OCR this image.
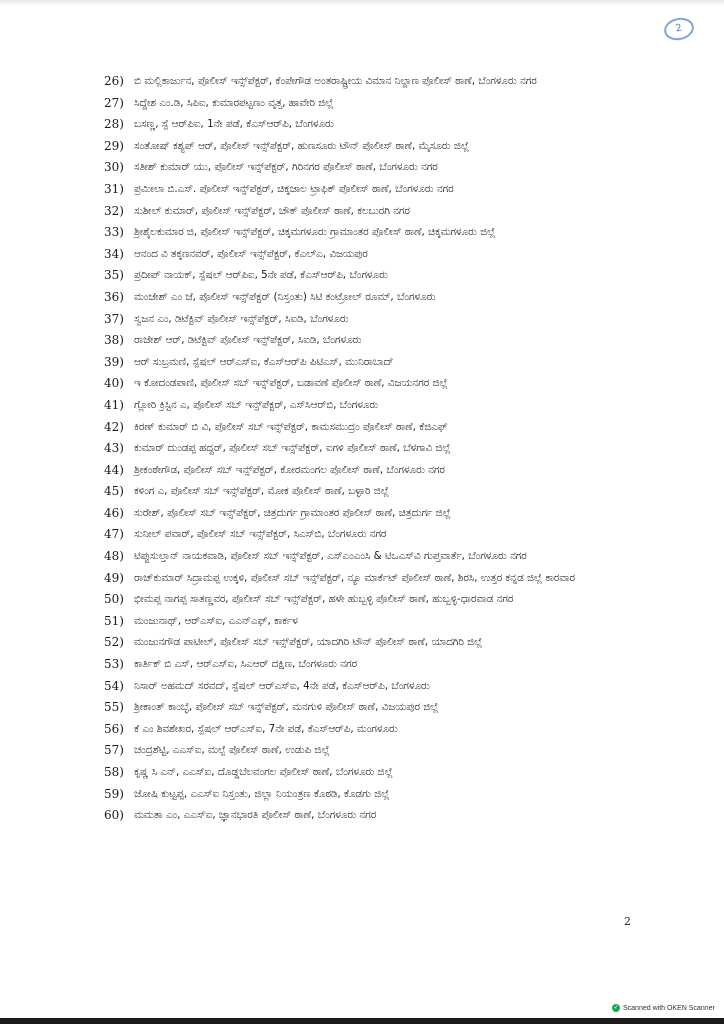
2
26) ಬಿ ಮಲ್ಲಿಕಾರ್ಜುನ, ಪೊಲೀಸ್ ಇನ್ಸ್‌ಪೆಕ್ಟರ್, ಕೆಂಪೇಗೌಡ ಅಂತರಾಷ್ಟ್ರೀಯ ವಿಮಾನ ನಿಲ್ದಾಣ ಪೊಲೀಸ್ ಠಾಣೆ, ಬೆಂಗಳೂರು ನಗರ
27) ಸಿದ್ದೇಶ ಎಂ.ಡಿ, ಸಿಪಿಐ, ಕುಮಾರಪಟ್ಟಣಂ ವೃತ್ತ, ಹಾವೇರಿ ಜಿಲ್ಲೆ
28) ಬಸಣ್ಣ, ಸ್ಪೆ ಆರ್‌ಪಿಐ, 1ನೇ ಪಡೆ, ಕೆಎಸ್‌ಆರ್‌ಪಿ, ಬೆಂಗಳೂರು
29) ಸಂತೋಷ್ ಕಶ್ಯಪ್ ಆರ್, ಪೊಲೀಸ್ ಇನ್ಸ್‌ಪೆಕ್ಟರ್, ಹುಣಸೂರು ಟೌನ್ ಪೊಲೀಸ್ ಠಾಣೆ, ಮೈಸೂರು ಜಿಲ್ಲೆ
30) ಸತೀಶ್ ಕುಮಾರ್ ಯು, ಪೊಲೀಸ್ ಇನ್ಸ್‌ಪೆಕ್ಟರ್, ಗಿರಿನಗರ ಪೊಲೀಸ್ ಠಾಣೆ, ಬೆಂಗಳೂರು ನಗರ
31) ಪ್ರಮೀಲಾ ಬಿ.ಎಸ್. ಪೊಲೀಸ್ ಇನ್ಸ್‌ಪೆಕ್ಟರ್, ಚಿಕ್ಕಜಾಲ ಟ್ರಾಫಿಕ್ ಪೊಲೀಸ್ ಠಾಣೆ, ಬೆಂಗಳೂರು ನಗರ
32) ಸುಶೀಲ್ ಕುಮಾರ್, ಪೊಲೀಸ್ ಇನ್ಸ್‌ಪೆಕ್ಟರ್, ಚೌಕ್ ಪೊಲೀಸ್ ಠಾಣೆ, ಕಲಬುರಗಿ ನಗರ
33) ಶ್ರೀಶೈಲಕುಮಾರ ಜಿ, ಪೊಲೀಸ್ ಇನ್ಸ್‌ಪೆಕ್ಟರ್, ಚಿಕ್ಕಮಗಳೂರು ಗ್ರಾಮಾಂತರ ಪೊಲೀಸ್ ಠಾಣೆ, ಚಿಕ್ಕಮಗಳೂರು ಜಿಲ್ಲೆ
34) ಆನಂದ ವಿ ತಕ್ಕಣನವರ್, ಪೊಲೀಸ್ ಇನ್ಸ್‌ಪೆಕ್ಟರ್, ಕೆಎಲ್‌ಎ, ವಿಜಯಪುರ
35) ಪ್ರದೀಪ್ ನಾಯಕ್, ಸ್ಪೆಷಲ್ ಆರ್‌ಪಿಐ, 5ನೇ ಪಡೆ, ಕೆಎಸ್‌ಆರ್‌ಪಿ, ಬೆಂಗಳೂರು
36) ಮಂಜೇಶ್ ಎಂ ಜೆ, ಪೊಲೀಸ್ ಇನ್ಸ್‌ಪೆಕ್ಟರ್ (ನಿಸ್ತಂತು) ಸಿಟಿ ಕಂಟ್ರೋಲ್ ರೂಮ್, ಬೆಂಗಳೂರು
37) ಸ್ವಜನ ಎಂ, ಡಿಟೆಕ್ಟಿವ್ ಪೊಲೀಸ್ ಇನ್ಸ್‌ಪೆಕ್ಟರ್, ಸಿಐಡಿ, ಬೆಂಗಳೂರು
38) ರಾಜೇಶ್ ಆರ್, ಡಿಟೆಕ್ಟಿವ್ ಪೊಲೀಸ್ ಇನ್ಸ್‌ಪೆಕ್ಟರ್, ಸಿಐಡಿ, ಬೆಂಗಳೂರು
39) ಆರ್ ಸುಬ್ರಮಣಿ, ಸ್ಪೆಷಲ್ ಆರ್‌ಎಸ್‌ಐ, ಕೆಎಸ್‌ಆರ್‌ಪಿ ಪಿಟಿಎಸ್, ಮುನಿರಾಬಾದ್
40) ಇ ಕೋದಂಡಪಾಣಿ, ಪೊಲೀಸ್ ಸಬ್ ಇನ್ಸ್‌ಪೆಕ್ಟರ್, ಬಡಾವಣೆ ಪೊಲೀಸ್ ಠಾಣೆ, ವಿಜಯನಗರ ಜಿಲ್ಲೆ
41) ಗ್ಲೋರಿ ಕ್ರಿಸ್ಟಿನ ಎ, ಪೊಲೀಸ್ ಸಬ್ ಇನ್ಸ್‌ಪೆಕ್ಟರ್, ಎಸ್‌ಸಿಆರ್‌ಬಿ, ಬೆಂಗಳೂರು
42) ಕಿರಣ್ ಕುಮಾರ್ ಬಿ ವಿ, ಪೊಲೀಸ್ ಸಬ್ ಇನ್ಸ್‌ಪೆಕ್ಟರ್, ಕಾಮಸಮುದ್ರಂ ಪೊಲೀಸ್ ಠಾಣೆ, ಕೆಜಿಎಫ್
43) ಕುಮಾರ್ ದುಂಡಪ್ಪ ಹದ್ದರ್, ಪೊಲೀಸ್ ಸಬ್ ಇನ್ಸ್‌ಪೆಕ್ಟರ್, ಐಗಳಿ ಪೊಲೀಸ್ ಠಾಣೆ, ಬೆಳಗಾವಿ ಜಿಲ್ಲೆ
44) ಶ್ರೀಕಂಠೇಗೌಡ, ಪೊಲೀಸ್ ಸಬ್ ಇನ್ಸ್‌ಪೆಕ್ಟರ್, ಕೋರಮಂಗಲ ಪೊಲೀಸ್ ಠಾಣೆ, ಬೆಂಗಳೂರು ನಗರ
45) ಕಳಿಂಗ ಎ, ಪೊಲೀಸ್ ಸಬ್ ಇನ್ಸ್‌ಪೆಕ್ಟರ್, ಮೋಕ ಪೊಲೀಸ್ ಠಾಣೆ, ಬಳ್ಳಾರಿ ಜಿಲ್ಲೆ
46) ಸುರೇಶ್, ಪೊಲೀಸ್ ಸಬ್ ಇನ್ಸ್‌ಪೆಕ್ಟರ್, ಚಿತ್ರದುರ್ಗ ಗ್ರಾಮಾಂತರ ಪೊಲೀಸ್ ಠಾಣೆ, ಚಿತ್ರದುರ್ಗ ಜಿಲ್ಲೆ
47) ಸುನೀಲ್ ಪವಾರ್, ಪೊಲೀಸ್ ಸಬ್ ಇನ್ಸ್‌ಪೆಕ್ಟರ್, ಸಿಎಸ್‌ಬಿ, ಬೆಂಗಳೂರು ನಗರ
48) ಟಿಪ್ಪುಸುಲ್ತಾನ್ ನಾಯಕವಾಡಿ, ಪೊಲೀಸ್ ಸಬ್ ಇನ್ಸ್‌ಪೆಕ್ಟರ್, ಎಸ್‌ಎಂಎಂಸಿ & ಟಿಒಎಸ್‌ವಿ ಗುಪ್ತವಾರ್ತೆ, ಬೆಂಗಳೂರು ನಗರ
49) ರಾಜ್‌ಕುಮಾರ್ ಸಿದ್ರಾಮಪ್ಪ ಉಕ್ಕಳಿ, ಪೊಲೀಸ್ ಸಬ್ ಇನ್ಸ್‌ಪೆಕ್ಟರ್, ನ್ಯೂ ಮಾರ್ಕೆಟ್ ಪೊಲೀಸ್ ಠಾಣೆ, ಶಿರಸಿ, ಉತ್ತರ ಕನ್ನಡ ಜಿಲ್ಲೆ ಕಾರವಾರ
50) ಭೀಮಪ್ಪ ನಾಗಪ್ಪ ಸಾತಣ್ಣವರ, ಪೊಲೀಸ್ ಸಬ್ ಇನ್ಸ್‌ಪೆಕ್ಟರ್, ಹಳೇ ಹುಬ್ಬಳ್ಳಿ ಪೊಲೀಸ್ ಠಾಣೆ, ಹುಬ್ಬಳ್ಳಿ-ಧಾರವಾಡ ನಗರ
51) ಮಂಜುನಾಥ್, ಆರ್‌ಎಸ್‌ಐ, ಎಎನ್‌ಎಫ್, ಕಾರ್ಕಳ
52) ಮಂಜುನಗೌಡ ಪಾಟೀಲ್, ಪೊಲೀಸ್ ಸಬ್ ಇನ್ಸ್‌ಪೆಕ್ಟರ್, ಯಾದಗಿರಿ ಟೌನ್ ಪೊಲೀಸ್ ಠಾಣೆ, ಯಾದಗಿರಿ ಜಿಲ್ಲೆ
53) ಕಾರ್ತಿಕ್ ಬಿ ಎಸ್, ಆರ್‌ಎಸ್‌ಐ, ಸಿಎಆರ್ ದಕ್ಷಿಣ, ಬೆಂಗಳೂರು ನಗರ
54) ನಿಸಾರ್ ಅಹಮದ್ ಸರವದ್, ಸ್ಪೆಷಲ್ ಆರ್‌ಎಸ್‌ಐ, 4ನೇ ಪಡೆ, ಕೆಎಸ್‌ಆರ್‌ಪಿ, ಬೆಂಗಳೂರು
55) ಶ್ರೀಕಾಂತ್ ಕಾಂಬ್ಳೆ, ಪೊಲೀಸ್ ಸಬ್ ಇನ್ಸ್‌ಪೆಕ್ಟರ್, ಮನಗುಳಿ ಪೊಲೀಸ್ ಠಾಣೆ, ವಿಜಯಪುರ ಜಿಲ್ಲೆ
56) ಕೆ ಎಂ ಶಿವಶೇಖರ, ಸ್ಪೆಷಲ್ ಆರ್‌ಎಸ್‌ಐ, 7ನೇ ಪಡೆ, ಕೆಎಸ್‌ಆರ್‌ಪಿ, ಮಂಗಳೂರು
57) ಚಂದ್ರಶೆಟ್ಟಿ, ಎಎಸ್‌ಐ, ಮಲ್ಪೆ ಪೊಲೀಸ್ ಠಾಣೆ, ಉಡುಪಿ ಜಿಲ್ಲೆ
58) ಕೃಷ್ಣ ಸಿ ಎನ್, ಎಎಸ್‌ಐ, ದೊಡ್ಡಬೆಲವಂಗಲ ಪೊಲೀಸ್ ಠಾಣೆ, ಬೆಂಗಳೂರು ಜಿಲ್ಲೆ
59) ಜೋಷಿ ಕುಟ್ಟಪ್ಪ, ಎಎಸ್‌ಐ ನಿಸ್ತಂತು, ಜಿಲ್ಲಾ ನಿಯಂತ್ರಣ ಕೊಠಡಿ, ಕೊಡಗು ಜಿಲ್ಲೆ
60) ಮಮತಾ ಎಂ, ಎಎಸ್‌ಐ, ಜ್ಞಾನಭಾರತಿ ಪೊಲೀಸ್ ಠಾಣೆ, ಬೆಂಗಳೂರು ನಗರ
2
✓ Scanned with OKEN Scanner
